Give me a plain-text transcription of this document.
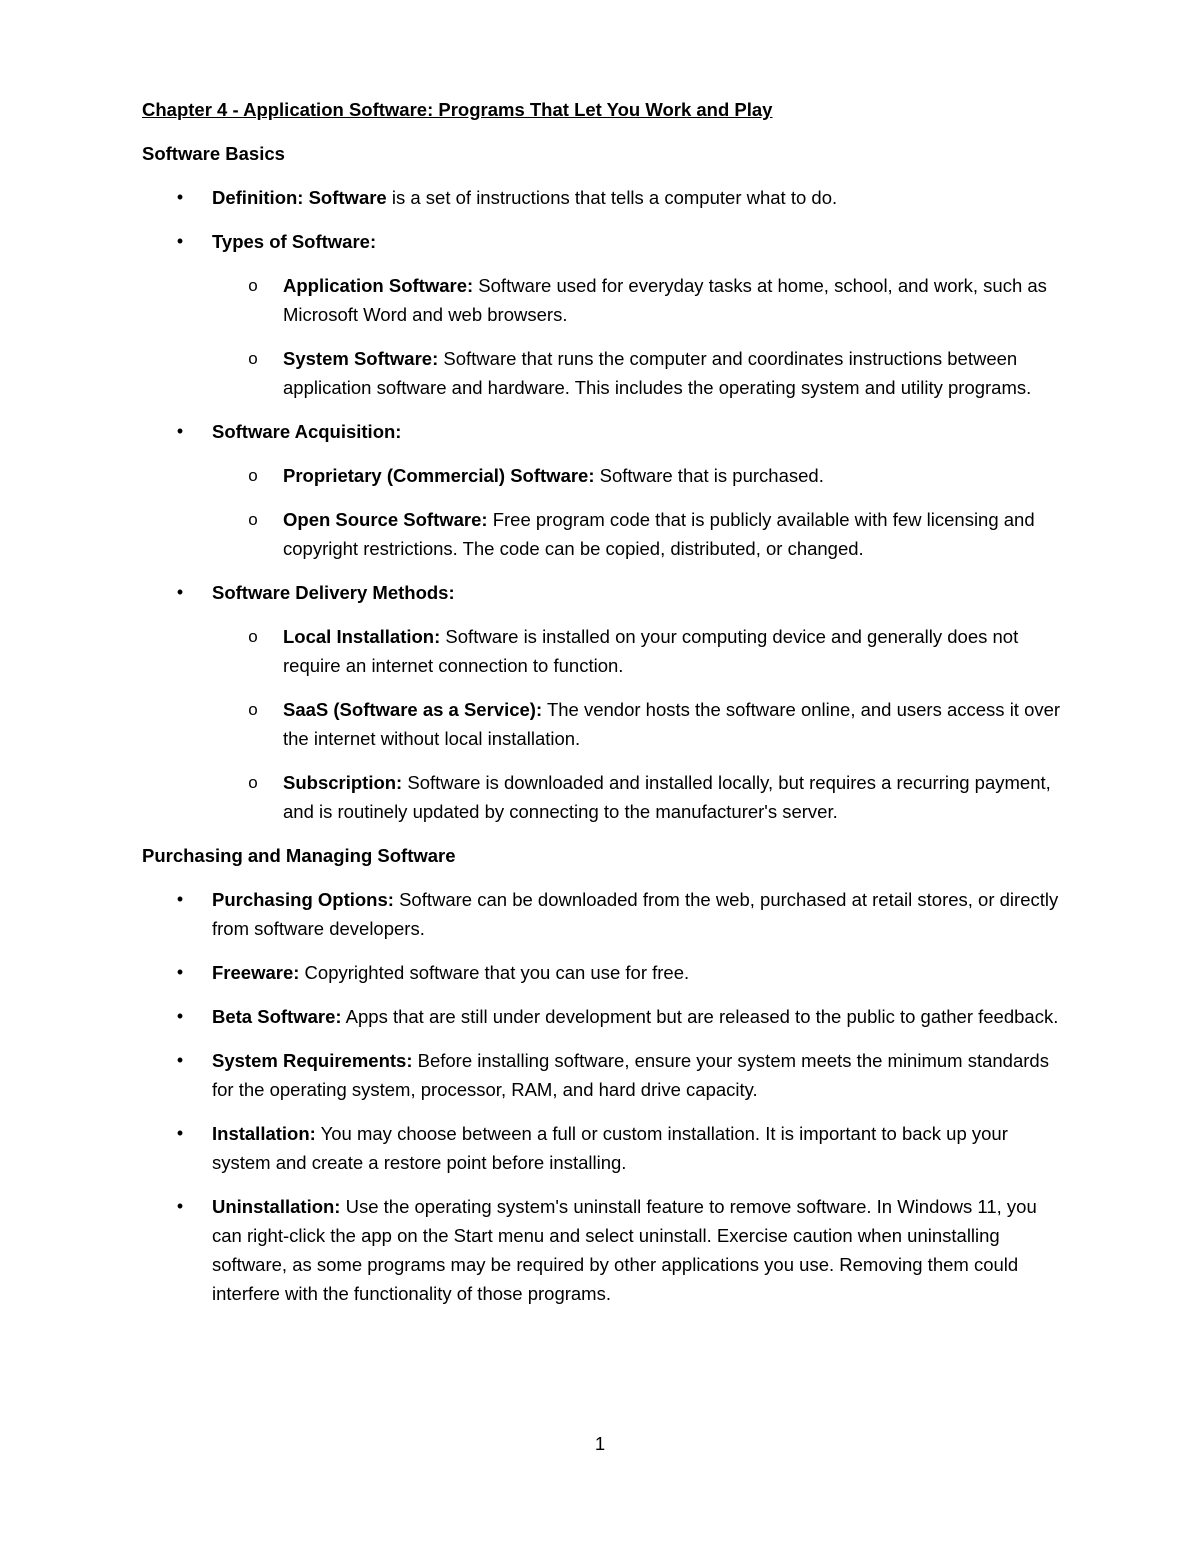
Chapter 4 - Application Software: Programs That Let You Work and Play
Software Basics
•	Definition: Software is a set of instructions that tells a computer what to do.
•	Types of Software:
o Application Software: Software used for everyday tasks at home, school, and work, such as Microsoft Word and web browsers.
o System Software: Software that runs the computer and coordinates instructions between application software and hardware. This includes the operating system and utility programs.
•	Software Acquisition:
o Proprietary (Commercial) Software: Software that is purchased.
o Open Source Software: Free program code that is publicly available with few licensing and copyright restrictions. The code can be copied, distributed, or changed.
•	Software Delivery Methods:
o Local Installation: Software is installed on your computing device and generally does not require an internet connection to function.
o SaaS (Software as a Service): The vendor hosts the software online, and users access it over the internet without local installation.
o Subscription: Software is downloaded and installed locally, but requires a recurring payment, and is routinely updated by connecting to the manufacturer's server.
Purchasing and Managing Software
•	Purchasing Options: Software can be downloaded from the web, purchased at retail stores, or directly from software developers.
•	Freeware: Copyrighted software that you can use for free.
•	Beta Software: Apps that are still under development but are released to the public to gather feedback.
•	System Requirements: Before installing software, ensure your system meets the minimum standards for the operating system, processor, RAM, and hard drive capacity.
•	Installation: You may choose between a full or custom installation. It is important to back up your system and create a restore point before installing.
•	Uninstallation: Use the operating system's uninstall feature to remove software. In Windows 11, you can right-click the app on the Start menu and select uninstall. Exercise caution when uninstalling software, as some programs may be required by other applications you use. Removing them could interfere with the functionality of those programs.
1
